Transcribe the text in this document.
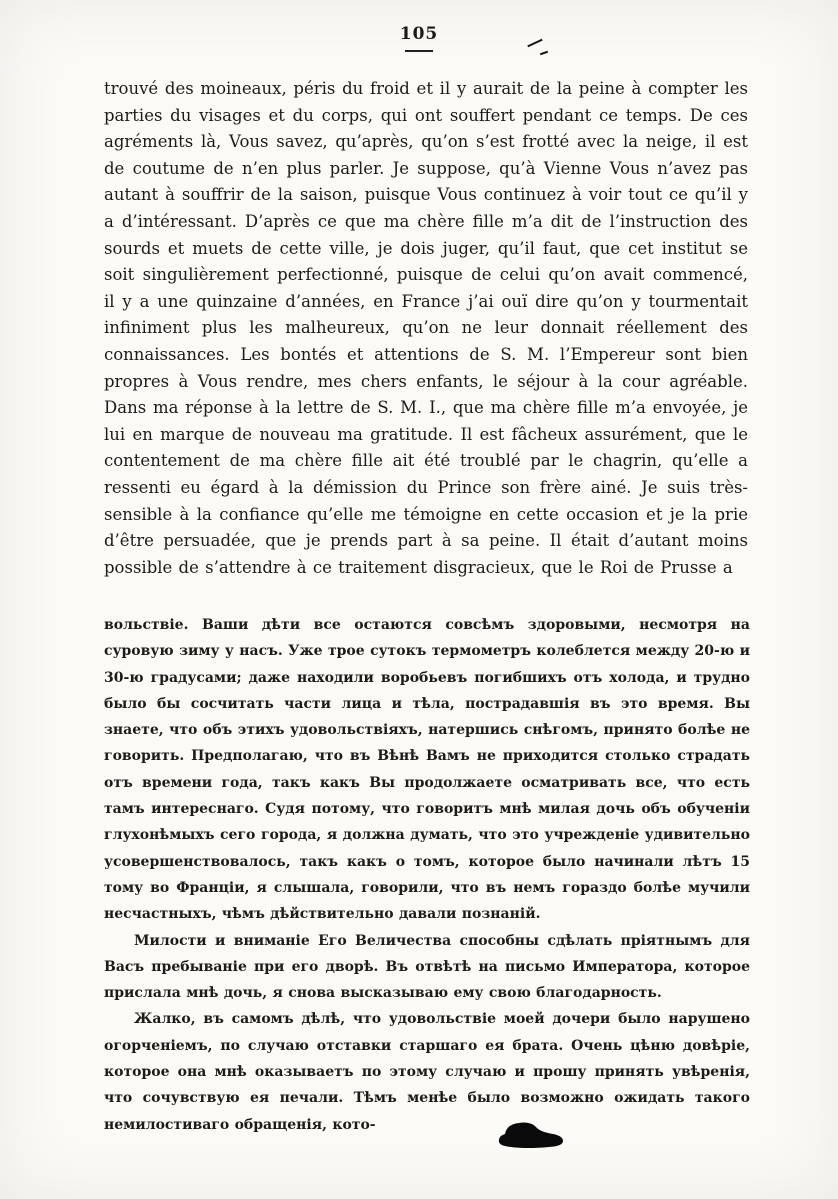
105

trouvé des moineaux, péris du froid et il y aurait de la peine à compter les parties du visages et du corps, qui ont souffert pendant ce temps. De ces agréments là, Vous savez, qu’après, qu’on s’est frotté avec la neige, il est de coutume de n’en plus parler. Je suppose, qu’à Vienne Vous n’avez pas autant à souffrir de la saison, puisque Vous continuez à voir tout ce qu’il y a d’intéressant. D’après ce que ma chère fille m’a dit de l’instruction des sourds et muets de cette ville, je dois juger, qu’il faut, que cet institut se soit singulièrement perfectionné, puisque de celui qu’on avait commencé, il y a une quinzaine d’années, en France j’ai ouï dire qu’on y tourmentait infiniment plus les malheureux, qu’on ne leur donnait réellement des connaissances. Les bontés et attentions de S. M. l’Empereur sont bien propres à Vous rendre, mes chers enfants, le séjour à la cour agréable. Dans ma réponse à la lettre de S. M. I., que ma chère fille m’a envoyée, je lui en marque de nouveau ma gratitude. Il est fâcheux assurément, que le contentement de ma chère fille ait été troublé par le chagrin, qu’elle a ressenti eu égard à la démission du Prince son frère ainé. Je suis très-sensible à la confiance qu’elle me témoigne en cette occasion et je la prie d’être persuadée, que je prends part à sa peine. Il était d’autant moins possible de s’attendre à ce traitement disgracieux, que le Roi de Prusse a

вольствіе. Ваши дѣти все остаются совсѣмъ здоровыми, несмотря на суровую зиму у насъ. Уже трое сутокъ термометръ колеблется между 20-ю и 30-ю градусами; даже находили воробьевъ погибшихъ отъ холода, и трудно было бы сосчитать части лица и тѣла, пострадавшія въ это время. Вы знаете, что объ этихъ удовольствіяхъ, натершись снѣгомъ, принято болѣе не говорить. Предполагаю, что въ Вѣнѣ Вамъ не приходится столько страдать отъ времени года, такъ какъ Вы продолжаете осматривать все, что есть тамъ интереснаго. Судя потому, что говоритъ мнѣ милая дочь объ обученіи глухонѣмыхъ сего города, я должна думать, что это учрежденіе удивительно усовершенствовалось, такъ какъ о томъ, которое было начинали лѣтъ 15 тому во Франціи, я слышала, говорили, что въ немъ гораздо болѣе мучили несчастныхъ, чѣмъ дѣйствительно давали познаній.

Милости и вниманіе Его Величества способны сдѣлать пріятнымъ для Васъ пребываніе при его дворѣ. Въ отвѣтѣ на письмо Императора, которое прислала мнѣ дочь, я снова высказываю ему свою благодарность.

Жалко, въ самомъ дѣлѣ, что удовольствіе моей дочери было нарушено огорченіемъ, по случаю отставки старшаго ея брата. Очень цѣню довѣріе, которое она мнѣ оказываетъ по этому случаю и прошу принять увѣренія, что сочувствую ея печали. Тѣмъ менѣе было возможно ожидать такого немилостиваго обращенія, кото-
